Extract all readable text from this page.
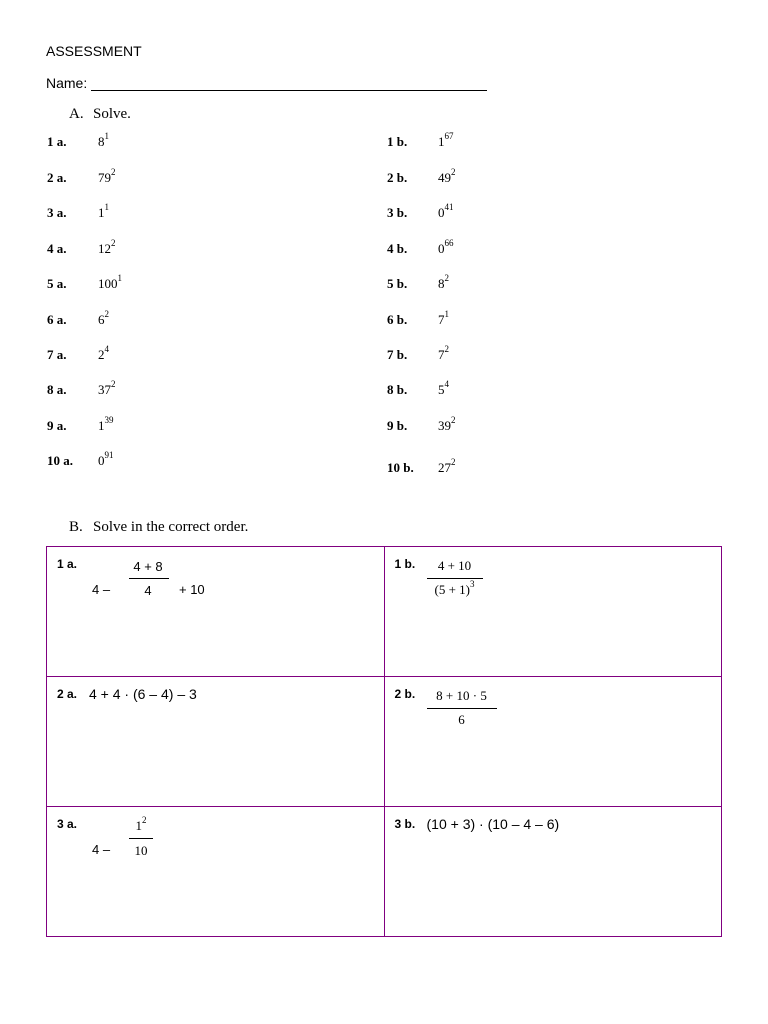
ASSESSMENT
Name:
A. Solve.
1 a. $8^1$
2 a. $79^2$
3 a. $1^1$
4 a. $12^2$
5 a. $100^1$
6 a. $6^2$
7 a. $2^4$
8 a. $37^2$
9 a. $1^{39}$
10 a. $0^{91}$
1 b. $1^{67}$
2 b. $49^2$
3 b. $0^{41}$
4 b. $0^{66}$
5 b. $8^2$
6 b. $7^1$
7 b. $7^2$
8 b. $5^4$
9 b. $39^2$
10 b. $27^2$
B. Solve in the correct order.
1 a.
4 –
4 + 8
4 + 10	1 b. 4 + 10
$(5 + 1)^3$

2 a. 4 + 4 · (6 – 4) – 3	2 b. 8 + 10 · 5
6

3 a.
4 –
$1^2$
10	3 b. (10 + 3) · (10 – 4 – 6)
